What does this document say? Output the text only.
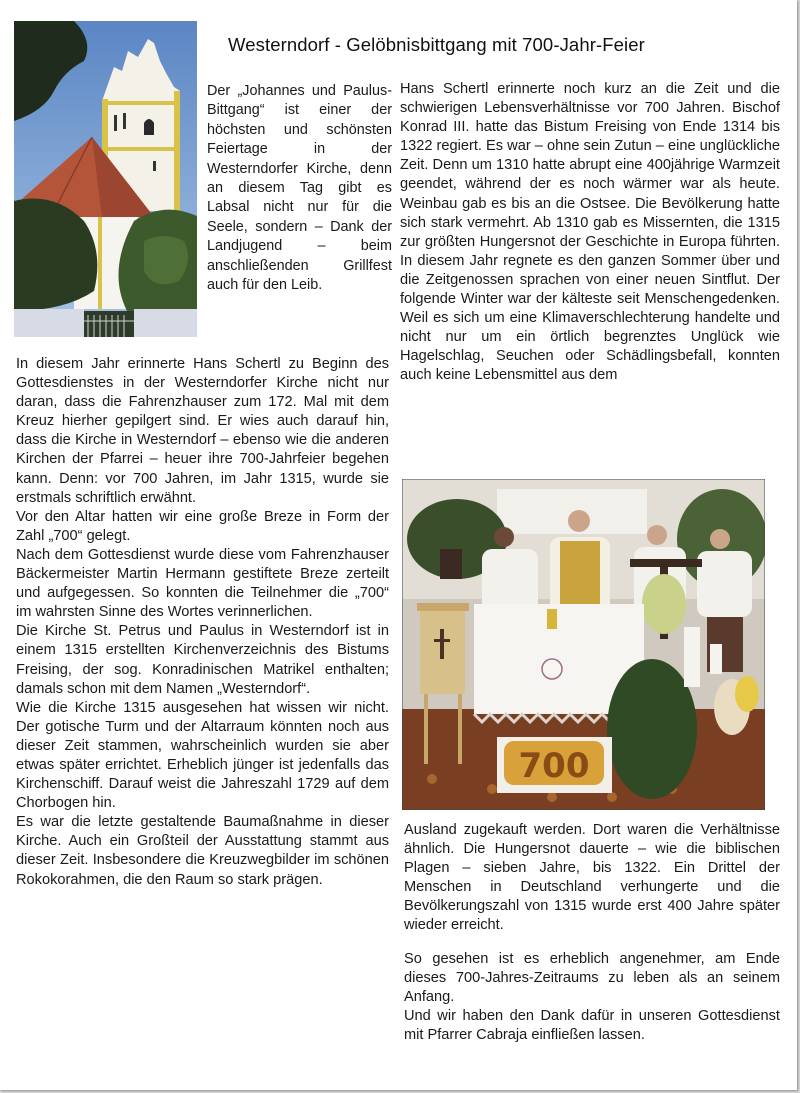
Westerndorf - Gelöbnisbittgang mit 700-Jahr-Feier

Der „Johannes und Paulus-Bittgang“ ist einer der höchsten und schönsten Feiertage in der Westerndorfer Kirche, denn an diesem Tag gibt es Labsal nicht nur für die Seele, sondern – Dank der Landjugend – beim anschließenden Grillfest auch für den Leib.

In diesem Jahr erinnerte Hans Schertl zu Beginn des Gottesdienstes in der Westerndorfer Kirche nicht nur daran, dass die Fahrenzhauser zum 172. Mal mit dem Kreuz hierher gepilgert sind. Er wies auch darauf hin, dass die Kirche in Westerndorf – ebenso wie die anderen Kirchen der Pfarrei – heuer ihre 700-Jahrfeier begehen kann. Denn: vor 700 Jahren, im Jahr 1315, wurde sie erstmals schriftlich erwähnt.

Vor den Altar hatten wir eine große Breze in Form der Zahl „700“ gelegt.

Nach dem Gottesdienst wurde diese vom Fahrenzhauser Bäckermeister Martin Hermann gestiftete Breze zerteilt und aufgegessen. So konnten die Teilnehmer die „700“ im wahrsten Sinne des Wortes verinnerlichen.

Die Kirche St. Petrus und Paulus in Westerndorf ist in einem 1315 erstellten Kirchenverzeichnis des Bistums Freising, der sog. Konradinischen Matrikel enthalten; damals schon mit dem Namen „Westerndorf“.

Wie die Kirche 1315 ausgesehen hat wissen wir nicht. Der gotische Turm und der Altarraum könnten noch aus dieser Zeit stammen, wahrscheinlich wurden sie aber etwas später errichtet. Erheblich jünger ist jedenfalls das Kirchenschiff. Darauf weist die Jahreszahl 1729 auf dem Chorbogen hin.

Es war die letzte gestaltende Baumaßnahme in dieser Kirche. Auch ein Großteil der Ausstattung stammt aus dieser Zeit. Insbesondere die Kreuzwegbilder im schönen Rokokorahmen, die den Raum so stark prägen.

Hans Schertl erinnerte noch kurz an die Zeit und die schwierigen Lebensverhältnisse vor 700 Jahren. Bischof Konrad III. hatte das Bistum Freising von Ende 1314 bis 1322 regiert. Es war – ohne sein Zutun – eine unglückliche Zeit. Denn um 1310 hatte abrupt eine 400jährige Warmzeit geendet, während der es noch wärmer war als heute. Weinbau gab es bis an die Ostsee. Die Bevölkerung hatte sich stark vermehrt. Ab 1310 gab es Missernten, die 1315 zur größten Hungersnot der Geschichte in Europa führten. In diesem Jahr regnete es den ganzen Sommer über und die Zeitgenossen sprachen von einer neuen Sintflut. Der folgende Winter war der kälteste seit Menschengedenken. Weil es sich um eine Klimaverschlechterung handelte und nicht nur um ein örtlich begrenztes Unglück wie Hagelschlag, Seuchen oder Schädlingsbefall, konnten auch keine Lebensmittel aus dem

700

Ausland zugekauft werden. Dort waren die Verhältnisse ähnlich. Die Hungersnot dauerte – wie die biblischen Plagen – sieben Jahre, bis 1322. Ein Drittel der Menschen in Deutschland verhungerte und die Bevölkerungszahl von 1315 wurde erst 400 Jahre später wieder erreicht.

So gesehen ist es erheblich angenehmer, am Ende dieses 700-Jahres-Zeitraums zu leben als an seinem Anfang.

Und wir haben den Dank dafür in unseren Gottesdienst mit Pfarrer Cabraja einfließen lassen.
